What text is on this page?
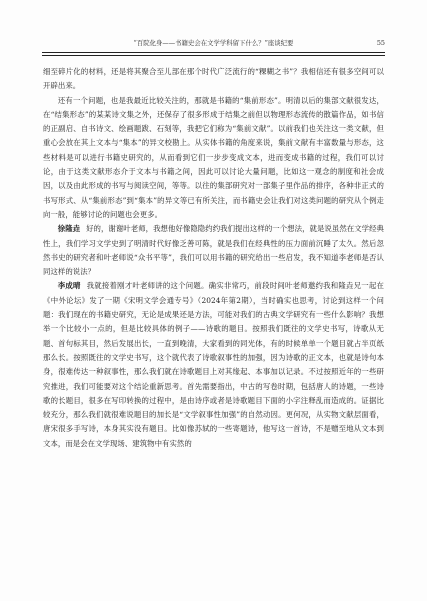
“百院化身——书籍史会在文学学科留下什么？”座谈纪要	55

细至碎片化的材料，还是将其聚合至儿部在那个时代广泛流行的“粿糊之书”？我相信还有很多空间可以开辟出来。

还有一个问题，也是我最近比较关注的，那就是书籍的“集前形态”。明清以后的集部文献很发达，在“结集形态”的某某诗文集之外，还保存了很多形成于结集之前但以物理形态流传的散篇作品，如书信的正副启、自书诗文、绘画题跋、石刻等，我把它们称为“集前文献”。以前我们也关注这一类文献，但重心会放在其上文本与“集本”的异文校勘上。从实体书籍的角度来说，集前文献有丰富数量与形态，这些材料是可以进行书籍史研究的，从而看到它们一步步变成文本，进而变成书籍的过程，我们可以讨论，由于这类文献形态介于文本与书籍之间，因此可以讨论大量问题，比如这一观念的制度和社会成因，以及由此形成的书写与阅读空间，等等。以往的集部研究对一部集子里作品的排序，各种非正式的书写形式、从“集前形态”到“集本”的异文等已有所关注，而书籍史会让我们对这类问题的研究从个例走向一般，能够讨论的问题也会更多。

徐隆垚 好的，谢谢叶老师，我想他好像隐隐约约我们提出这样的一个想法，就是说虽然在文学经典性上，我们学习文学史到了明清时代好像乏善可陈，就是我们在经典性的压力面前沉睡了太久。然后忽然书史的研究者和叶老师说“众书平等”，我们可以用书籍的研究给出一些启发，我不知道李老师是否认同这样的说法？

李成晴 我就接着刚才叶老师讲的这个问题。确实非常巧，前段时间叶老师邀约我和隆垚兄一起在《中外论坛》发了一期《宋明文学会通专号》（2024年第2期），当时确实也思考，讨论到这样一个问题：我们现在的书籍史研究，无论是成果还是方法，可能对我们的古典文学研究有一些什么影响？我想举一个比较小一点的，但是比较具体的例子——诗歌的题目。按照我们既往的文学史书写，诗歌从无题、首句标其目，然后发展出长，一直到晚清，大家看到的同光体，有的时候单单一个题目就占半页纸那么长。按照既往的文学史书写，这个就代表了诗歌叙事性的加强，因为诗歌的正文本，也就是诗句本身，很难传达一种叙事性，那么我们就在诗歌题目上对其缘起、本事加以记录。不过按照近年的一些研究推进，我们可能要对这个结论重新思考。首先需要指出，中古的写卷时期，包括唐人的诗题，一些诗歌的长题目，很多在写印转换的过程中，是由诗序或者是诗歌题目下面的小字注释乱而造成的。证据比较充分，那么我们就很难说题目的加长是“文学叙事性加强”的自然动因。更何况，从实物文献层面看，唐宋很多手写诗，本身其实没有题目。比如像苏轼的一些寄题诗，他写这一首诗，不是赠至地从文本到文本，而是会在文学现场、建筑物中有实然的
